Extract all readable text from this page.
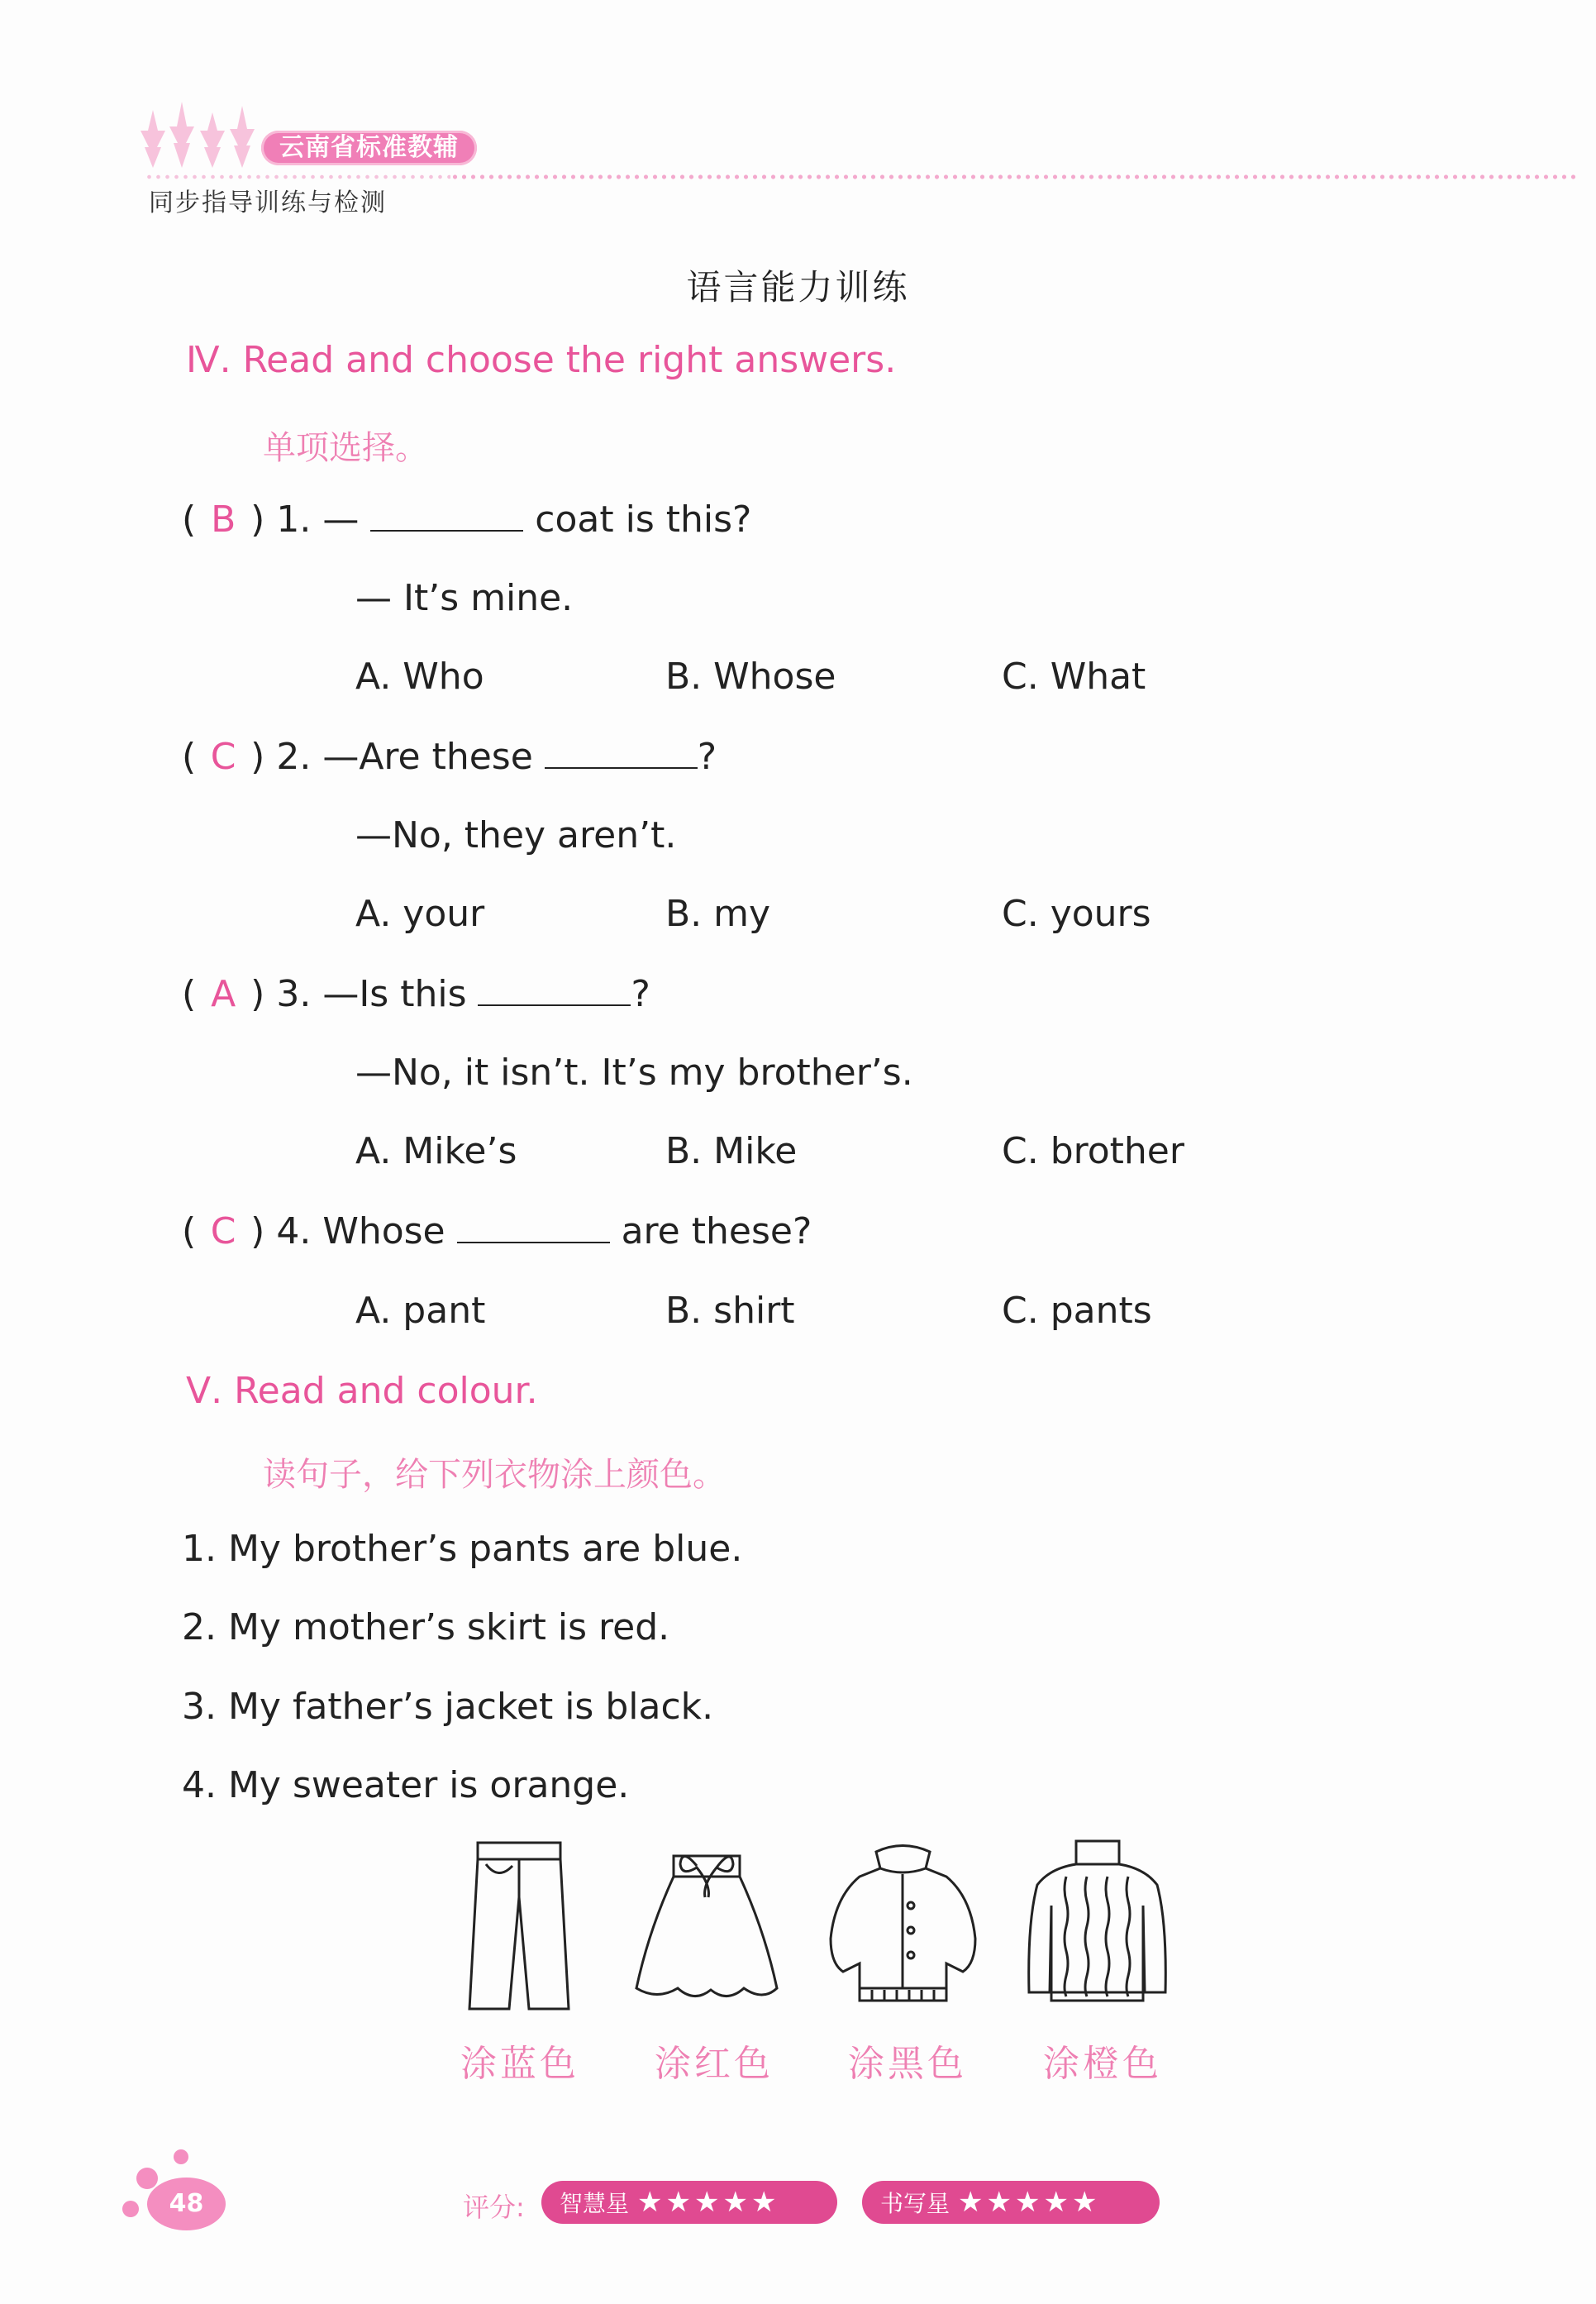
云南省标准教辅
同步指导训练与检测
语言能力训练
Ⅳ. Read and choose the right answers.
单项选择。
( B ) 1. —	coat is this?
— It’s mine.
A. Who	B. Whose	C. What
( C ) 2. —Are these	?
—No, they aren’t.
A. your	B. my	C. yours
( A ) 3. —Is this	?
—No, it isn’t. It’s my brother’s.
A. Mike’s	B. Mike	C. brother
( C ) 4. Whose	are these?
A. pant	B. shirt	C. pants
Ⅴ. Read and colour.
读句子，给下列衣物涂上颜色。
1. My brother’s pants are blue.
2. My mother’s skirt is red.
3. My father’s jacket is black.
4. My sweater is orange.
涂蓝色 涂红色 涂黑色 涂橙色
48	评分:	智慧星 ★★★★★	书写星 ★★★★★
